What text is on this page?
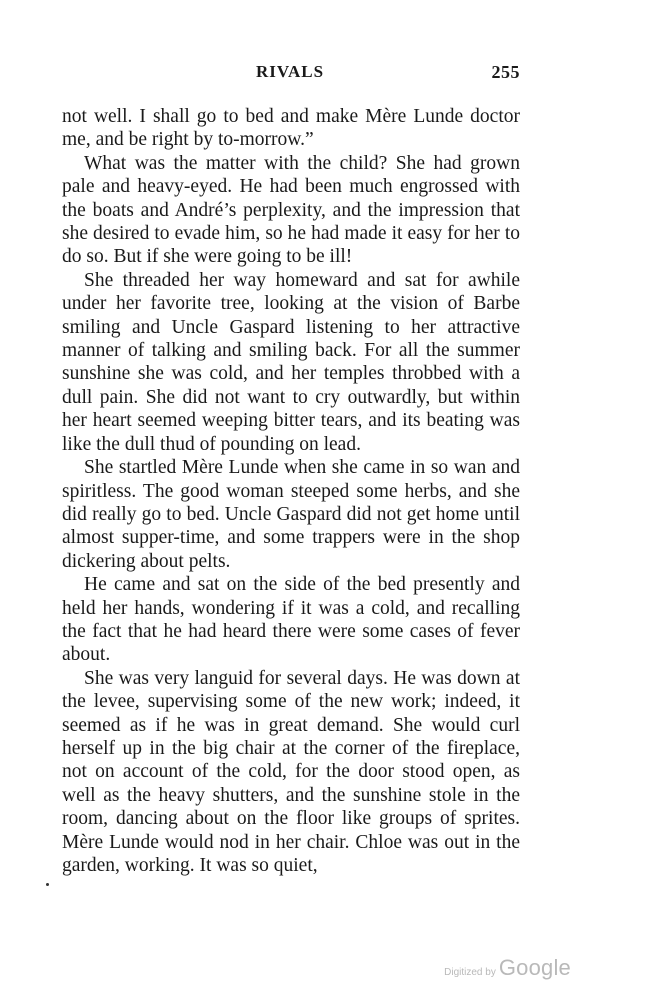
RIVALS	255

not well. I shall go to bed and make Mère Lunde doctor me, and be right by to-morrow.”

What was the matter with the child? She had grown pale and heavy-eyed. He had been much engrossed with the boats and André’s perplexity, and the impression that she desired to evade him, so he had made it easy for her to do so. But if she were going to be ill!

She threaded her way homeward and sat for awhile under her favorite tree, looking at the vision of Barbe smiling and Uncle Gaspard listening to her attractive manner of talking and smiling back. For all the summer sunshine she was cold, and her temples throbbed with a dull pain. She did not want to cry outwardly, but within her heart seemed weeping bitter tears, and its beating was like the dull thud of pounding on lead.

She startled Mère Lunde when she came in so wan and spiritless. The good woman steeped some herbs, and she did really go to bed. Uncle Gaspard did not get home until almost supper-time, and some trappers were in the shop dickering about pelts.

He came and sat on the side of the bed presently and held her hands, wondering if it was a cold, and recalling the fact that he had heard there were some cases of fever about.

She was very languid for several days. He was down at the levee, supervising some of the new work; indeed, it seemed as if he was in great demand. She would curl herself up in the big chair at the corner of the fireplace, not on account of the cold, for the door stood open, as well as the heavy shutters, and the sunshine stole in the room, dancing about on the floor like groups of sprites. Mère Lunde would nod in her chair. Chloe was out in the garden, working. It was so quiet,

Digitized by Google
